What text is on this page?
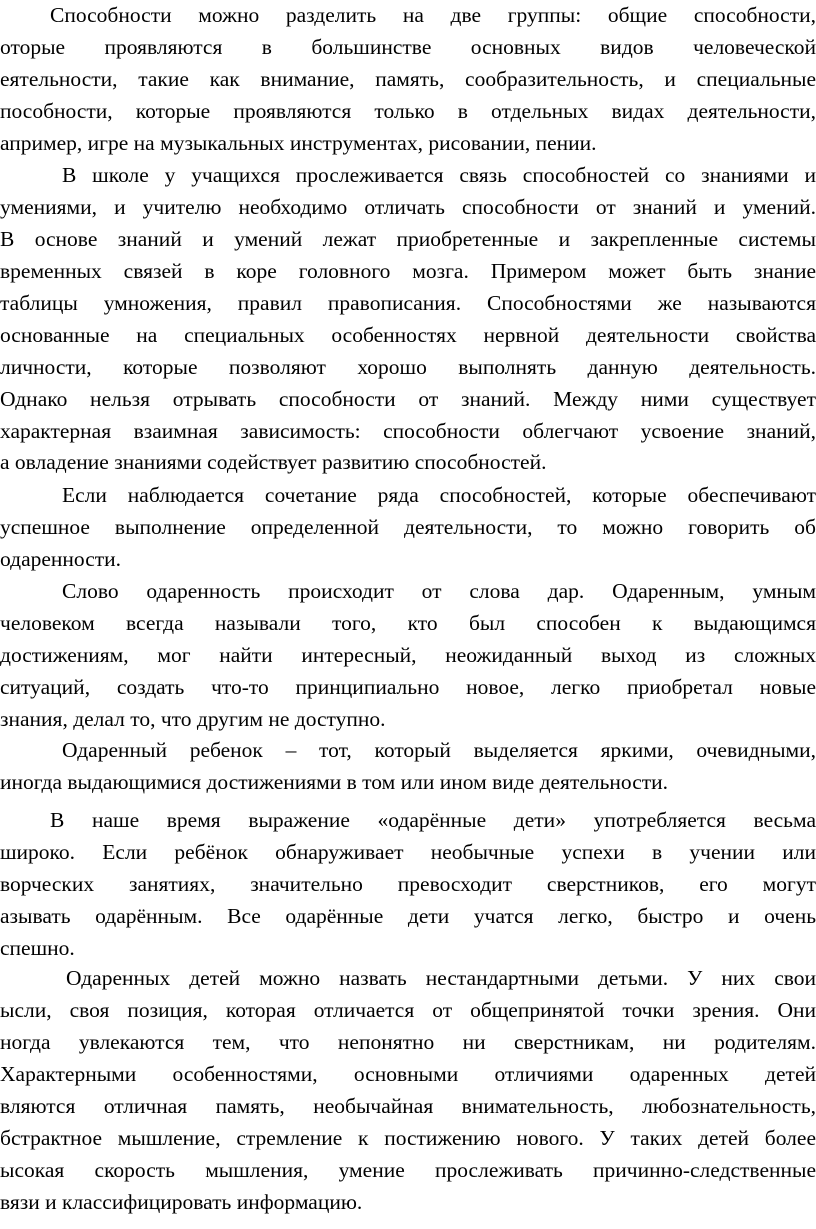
Способности можно разделить на две группы: общие способности,
оторые проявляются в большинстве основных видов человеческой
еятельности, такие как внимание, память, сообразительность, и специальные
пособности, которые проявляются только в отдельных видах деятельности,
апример, игре на музыкальных инструментах, рисовании, пении.
В школе у учащихся прослеживается связь способностей со знаниями и
умениями, и учителю необходимо отличать способности от знаний и умений.
В основе знаний и умений лежат приобретенные и закрепленные системы
временных связей в коре головного мозга. Примером может быть знание
таблицы умножения, правил правописания. Способностями же называются
основанные на специальных особенностях нервной деятельности свойства
личности, которые позволяют хорошо выполнять данную деятельность.
Однако нельзя отрывать способности от знаний. Между ними существует
характерная взаимная зависимость: способности облегчают усвоение знаний,
а овладение знаниями содействует развитию способностей.
Если наблюдается сочетание ряда способностей, которые обеспечивают
успешное выполнение определенной деятельности, то можно говорить об
одаренности.
Слово одаренность происходит от слова дар. Одаренным, умным
человеком всегда называли того, кто был способен к выдающимся
достижениям, мог найти интересный, неожиданный выход из сложных
ситуаций, создать что-то принципиально новое, легко приобретал новые
знания, делал то, что другим не доступно.
Одаренный ребенок – тот, который выделяется яркими, очевидными,
иногда выдающимися достижениями в том или ином виде деятельности.
В наше время выражение «одарённые дети» употребляется весьма
широко. Если ребёнок обнаруживает необычные успехи в учении или
ворческих занятиях, значительно превосходит сверстников, его могут
азывать одарённым. Все одарённые дети учатся легко, быстро и очень
спешно.
Одаренных детей можно назвать нестандартными детьми. У них свои
ысли, своя позиция, которая отличается от общепринятой точки зрения. Они
ногда увлекаются тем, что непонятно ни сверстникам, ни родителям.
Характерными особенностями, основными отличиями одаренных детей
вляются отличная память, необычайная внимательность, любознательность,
бстрактное мышление, стремление к постижению нового. У таких детей более
ысокая скорость мышления, умение прослеживать причинно-следственные
вязи и классифицировать информацию.
